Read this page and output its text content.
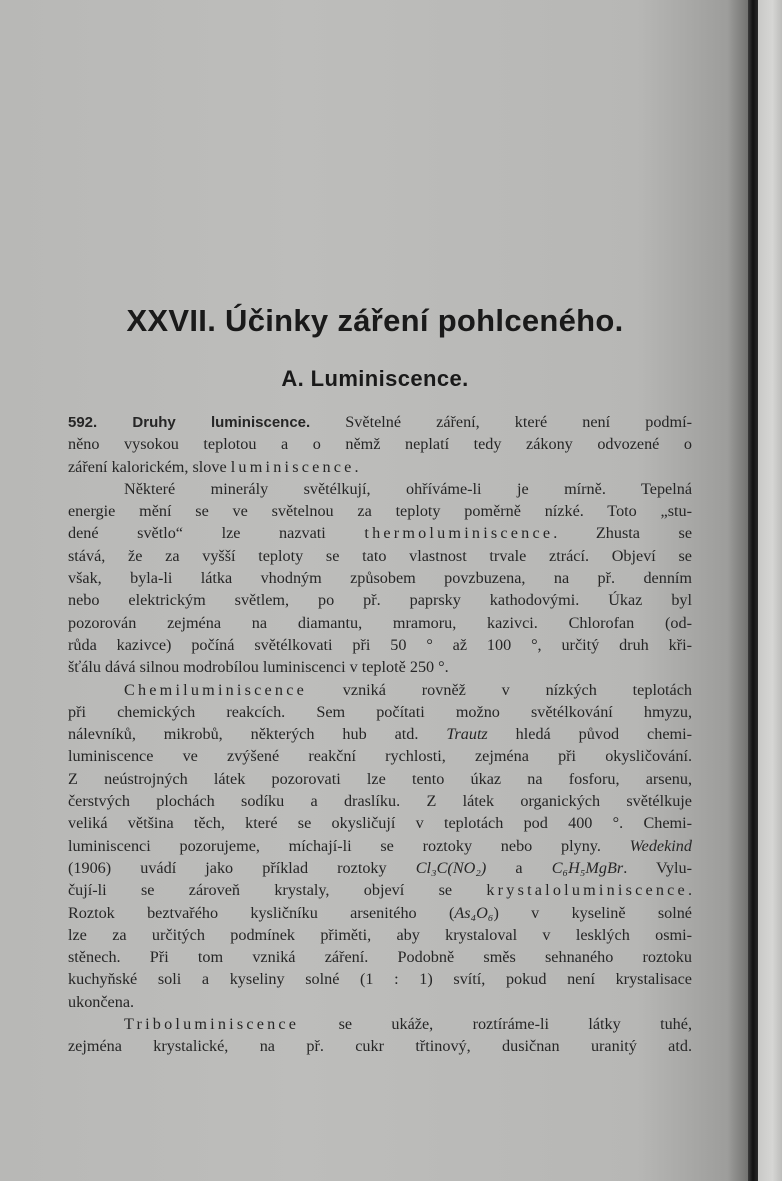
XXVII. Účinky záření pohlceného.
A. Luminiscence.
592. Druhy luminiscence. Světelné záření, které není podmí-
něno vysokou teplotou a o němž neplatí tedy zákony odvozené o
záření kalorickém, slove luminiscence.
Některé minerály světélkují, ohříváme-li je mírně. Tepelná
energie mění se ve světelnou za teploty poměrně nízké. Toto „stu-
dené světlo“ lze nazvati thermoluminiscence. Zhusta se
stává, že za vyšší teploty se tato vlastnost trvale ztrácí. Objeví se
však, byla-li látka vhodným způsobem povzbuzena, na př. denním
nebo elektrickým světlem, po př. paprsky kathodovými. Úkaz byl
pozorován zejména na diamantu, mramoru, kazivci. Chlorofan (od-
růda kazivce) počíná světélkovati při 50 ° až 100 °, určitý druh kři-
šťálu dává silnou modrobílou luminiscenci v teplotě 250 °.
Chemiluminiscence vzniká rovněž v nízkých teplotách
při chemických reakcích. Sem počítati možno světélkování hmyzu,
nálevníků, mikrobů, některých hub atd. Trautz hledá původ chemi-
luminiscence ve zvýšené reakční rychlosti, zejména při okysličování.
Z neústrojných látek pozorovati lze tento úkaz na fosforu, arsenu,
čerstvých plochách sodíku a draslíku. Z látek organických světélkuje
veliká většina těch, které se okysličují v teplotách pod 400 °. Chemi-
luminiscenci pozorujeme, míchají-li se roztoky nebo plyny. Wedekind
(1906) uvádí jako příklad roztoky Cl₃C(NO₂) a C₆H₅MgBr. Vylu-
čují-li se zároveň krystaly, objeví se krystaloluminiscence.
Roztok beztvařého kysličníku arsenitého (As₄O₆) v kyselině solné
lze za určitých podmínek přiměti, aby krystaloval v lesklých osmi-
stěnech. Při tom vzniká záření. Podobně směs sehnaného roztoku
kuchyňské soli a kyseliny solné (1 : 1) svítí, pokud není krystalisace
ukončena.
Triboluminiscence se ukáže, roztíráme-li látky tuhé,
zejména krystalické, na př. cukr třtinový, dusičnan uranitý atd.
